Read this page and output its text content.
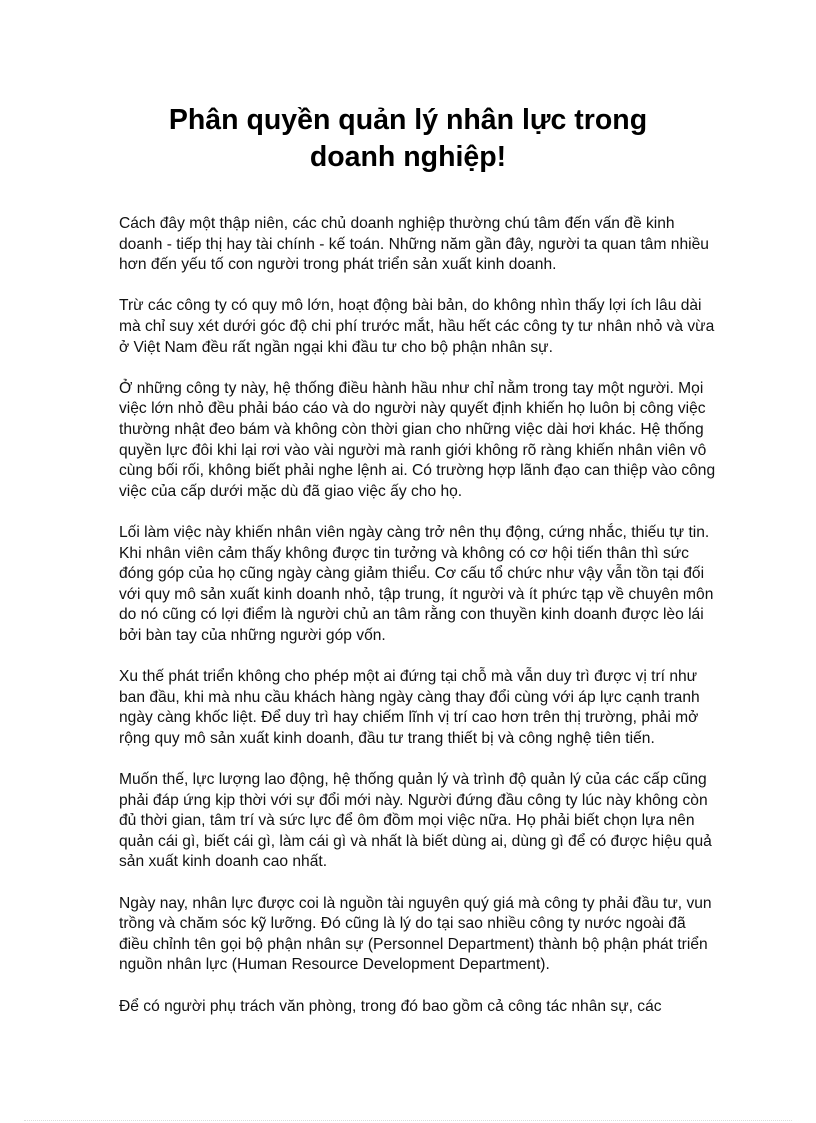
Phân quyền quản lý nhân lực trong
doanh nghiệp!

Cách đây một thập niên, các chủ doanh nghiệp thường chú tâm đến vấn đề kinh doanh - tiếp thị hay tài chính - kế toán. Những năm gần đây, người ta quan tâm nhiều hơn đến yếu tố con người trong phát triển sản xuất kinh doanh.

Trừ các công ty có quy mô lớn, hoạt động bài bản, do không nhìn thấy lợi ích lâu dài mà chỉ suy xét dưới góc độ chi phí trước mắt, hầu hết các công ty tư nhân nhỏ và vừa ở Việt Nam đều rất ngần ngại khi đầu tư cho bộ phận nhân sự.

Ở những công ty này, hệ thống điều hành hầu như chỉ nằm trong tay một người. Mọi việc lớn nhỏ đều phải báo cáo và do người này quyết định khiến họ luôn bị công việc thường nhật đeo bám và không còn thời gian cho những việc dài hơi khác. Hệ thống quyền lực đôi khi lại rơi vào vài người mà ranh giới không rõ ràng khiến nhân viên vô cùng bối rối, không biết phải nghe lệnh ai. Có trường hợp lãnh đạo can thiệp vào công việc của cấp dưới mặc dù đã giao việc ấy cho họ.

Lối làm việc này khiến nhân viên ngày càng trở nên thụ động, cứng nhắc, thiếu tự tin. Khi nhân viên cảm thấy không được tin tưởng và không có cơ hội tiến thân thì sức đóng góp của họ cũng ngày càng giảm thiểu. Cơ cấu tổ chức như vậy vẫn tồn tại đối với quy mô sản xuất kinh doanh nhỏ, tập trung, ít người và ít phức tạp về chuyên môn do nó cũng có lợi điểm là người chủ an tâm rằng con thuyền kinh doanh được lèo lái bởi bàn tay của những người góp vốn.

Xu thế phát triển không cho phép một ai đứng tại chỗ mà vẫn duy trì được vị trí như ban đầu, khi mà nhu cầu khách hàng ngày càng thay đổi cùng với áp lực cạnh tranh ngày càng khốc liệt. Để duy trì hay chiếm lĩnh vị trí cao hơn trên thị trường, phải mở rộng quy mô sản xuất kinh doanh, đầu tư trang thiết bị và công nghệ tiên tiến.

Muốn thế, lực lượng lao động, hệ thống quản lý và trình độ quản lý của các cấp cũng phải đáp ứng kịp thời với sự đổi mới này. Người đứng đầu công ty lúc này không còn đủ thời gian, tâm trí và sức lực để ôm đồm mọi việc nữa. Họ phải biết chọn lựa nên quản cái gì, biết cái gì, làm cái gì và nhất là biết dùng ai, dùng gì để có được hiệu quả sản xuất kinh doanh cao nhất.

Ngày nay, nhân lực được coi là nguồn tài nguyên quý giá mà công ty phải đầu tư, vun trồng và chăm sóc kỹ lưỡng. Đó cũng là lý do tại sao nhiều công ty nước ngoài đã điều chỉnh tên gọi bộ phận nhân sự (Personnel Department) thành bộ phận phát triển nguồn nhân lực (Human Resource Development Department).

Để có người phụ trách văn phòng, trong đó bao gồm cả công tác nhân sự, các
